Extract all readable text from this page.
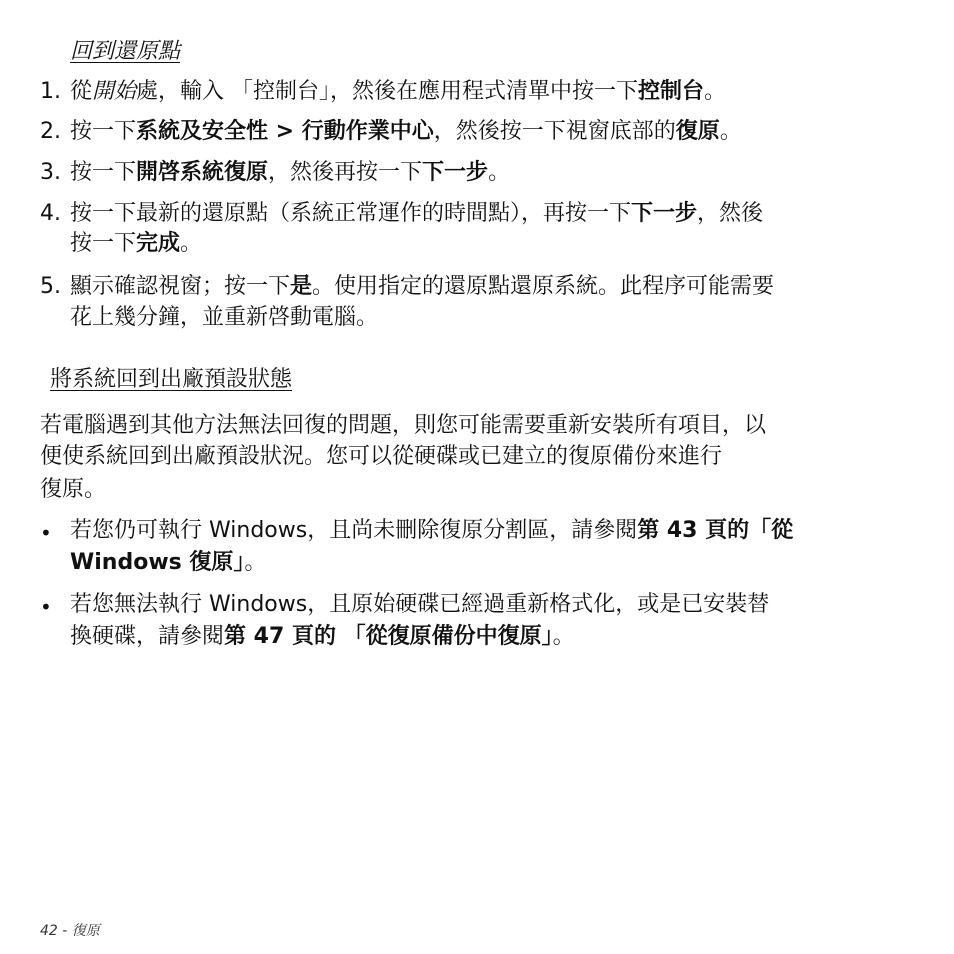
回到還原點
1. 從開始處，輸入 「控制台」，然後在應用程式清單中按一下控制台。
2. 按一下系統及安全性 > 行動作業中心，然後按一下視窗底部的復原。
3. 按一下開啓系統復原，然後再按一下下一步。
4. 按一下最新的還原點（系統正常運作的時間點），再按一下下一步，然後
按一下完成。
5. 顯示確認視窗；按一下是。使用指定的還原點還原系統。此程序可能需要
花上幾分鐘，並重新啓動電腦。
將系統回到出廠預設狀態
若電腦遇到其他方法無法回復的問題，則您可能需要重新安裝所有項目，以
便使系統回到出廠預設狀況。您可以從硬碟或已建立的復原備份來進行
復原。
• 若您仍可執行 Windows，且尚未刪除復原分割區，請參閱第 43 頁的「從
Windows 復原」。
• 若您無法執行 Windows，且原始硬碟已經過重新格式化，或是已安裝替
換硬碟，請參閱第 47 頁的 「從復原備份中復原」。
42 - 復原
